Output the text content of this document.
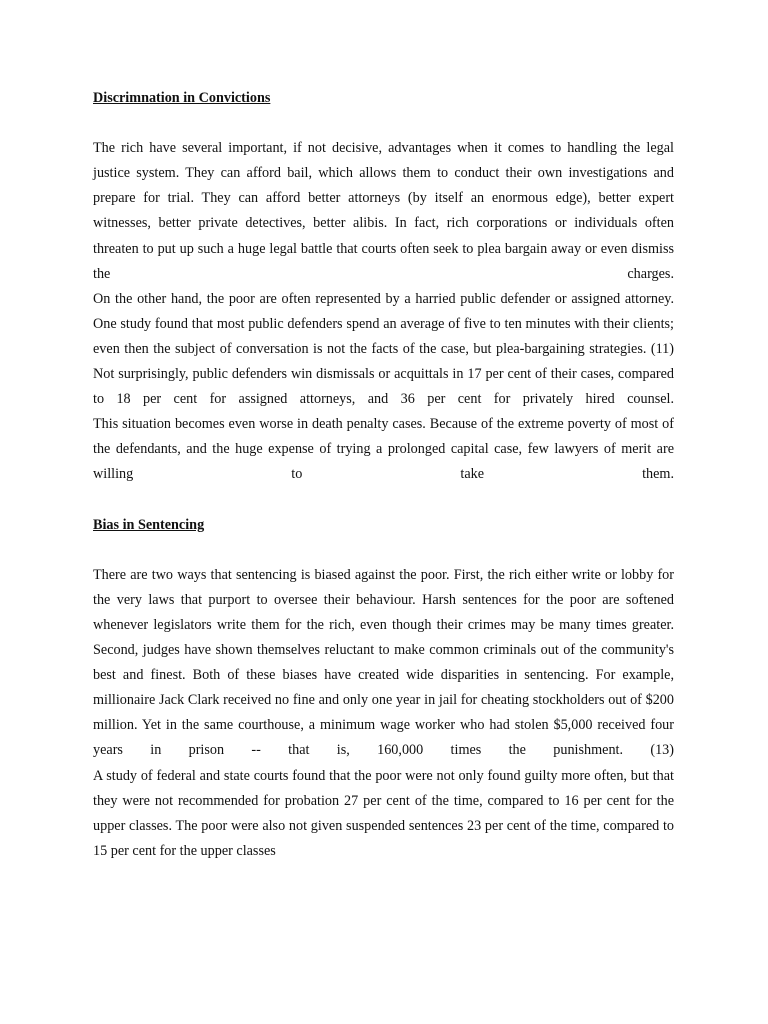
Discrimnation in Convictions

The rich have several important, if not decisive, advantages when it comes to handling the legal justice system. They can afford bail, which allows them to conduct their own investigations and prepare for trial. They can afford better attorneys (by itself an enormous edge), better expert witnesses, better private detectives, better alibis. In fact, rich corporations or individuals often threaten to put up such a huge legal battle that courts often seek to plea bargain away or even dismiss the charges.

On the other hand, the poor are often represented by a harried public defender or assigned attorney. One study found that most public defenders spend an average of five to ten minutes with their clients; even then the subject of conversation is not the facts of the case, but plea-bargaining strategies. (11) Not surprisingly, public defenders win dismissals or acquittals in 17 per cent of their cases, compared to 18 per cent for assigned attorneys, and 36 per cent for privately hired counsel.

This situation becomes even worse in death penalty cases. Because of the extreme poverty of most of the defendants, and the huge expense of trying a prolonged capital case, few lawyers of merit are willing to take them.

Bias in Sentencing

There are two ways that sentencing is biased against the poor. First, the rich either write or lobby for the very laws that purport to oversee their behaviour. Harsh sentences for the poor are softened whenever legislators write them for the rich, even though their crimes may be many times greater. Second, judges have shown themselves reluctant to make common criminals out of the community's best and finest. Both of these biases have created wide disparities in sentencing. For example, millionaire Jack Clark received no fine and only one year in jail for cheating stockholders out of $200 million. Yet in the same courthouse, a minimum wage worker who had stolen $5,000 received four years in prison -- that is, 160,000 times the punishment. (13)

A study of federal and state courts found that the poor were not only found guilty more often, but that they were not recommended for probation 27 per cent of the time, compared to 16 per cent for the upper classes. The poor were also not given suspended sentences 23 per cent of the time, compared to 15 per cent for the upper classes
